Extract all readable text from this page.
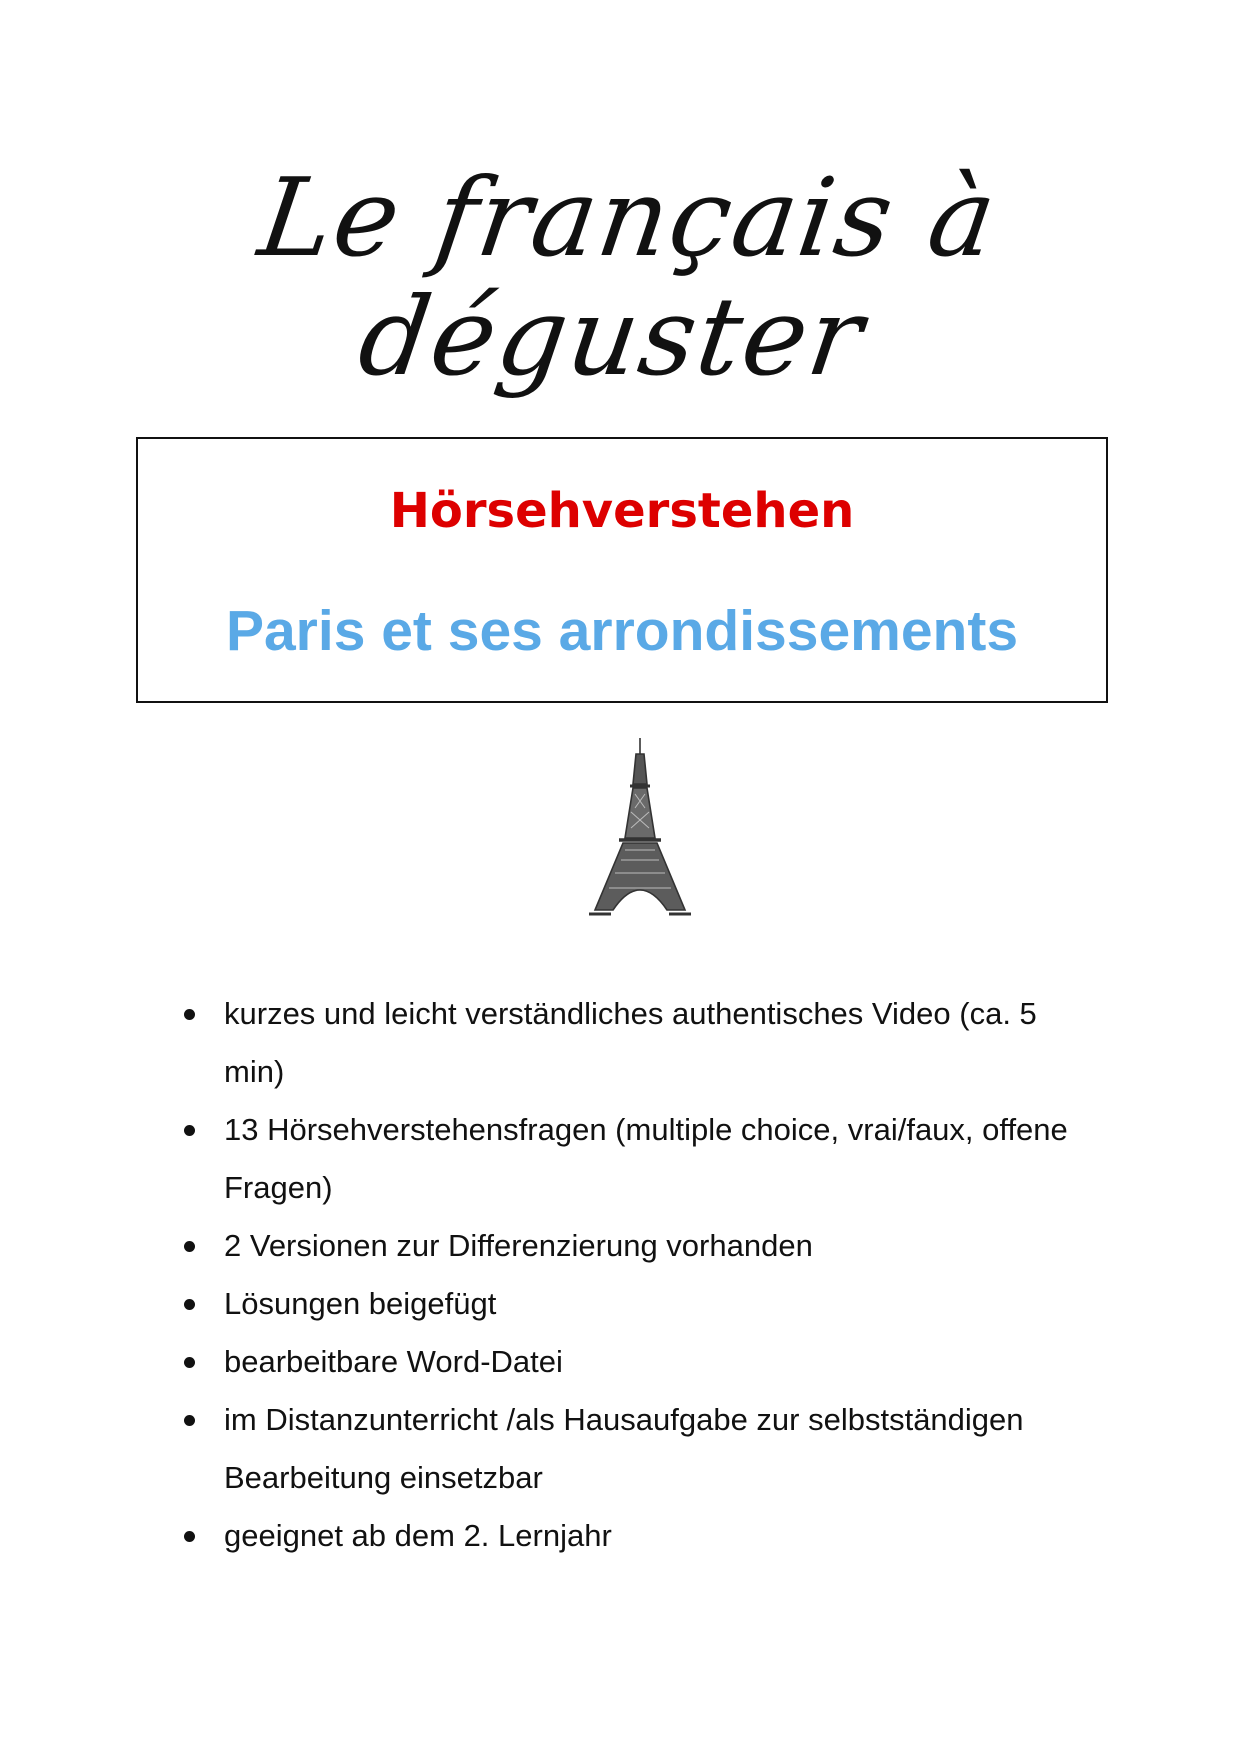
Le français à déguster
Hörsehverstehen
Paris et ses arrondissements
kurzes und leicht verständliches authentisches Video (ca. 5 min)
13 Hörsehverstehensfragen (multiple choice, vrai/faux, offene Fragen)
2 Versionen zur Differenzierung vorhanden
Lösungen beigefügt
bearbeitbare Word-Datei
im Distanzunterricht /als Hausaufgabe zur selbstständigen Bearbeitung einsetzbar
geeignet ab dem 2. Lernjahr
